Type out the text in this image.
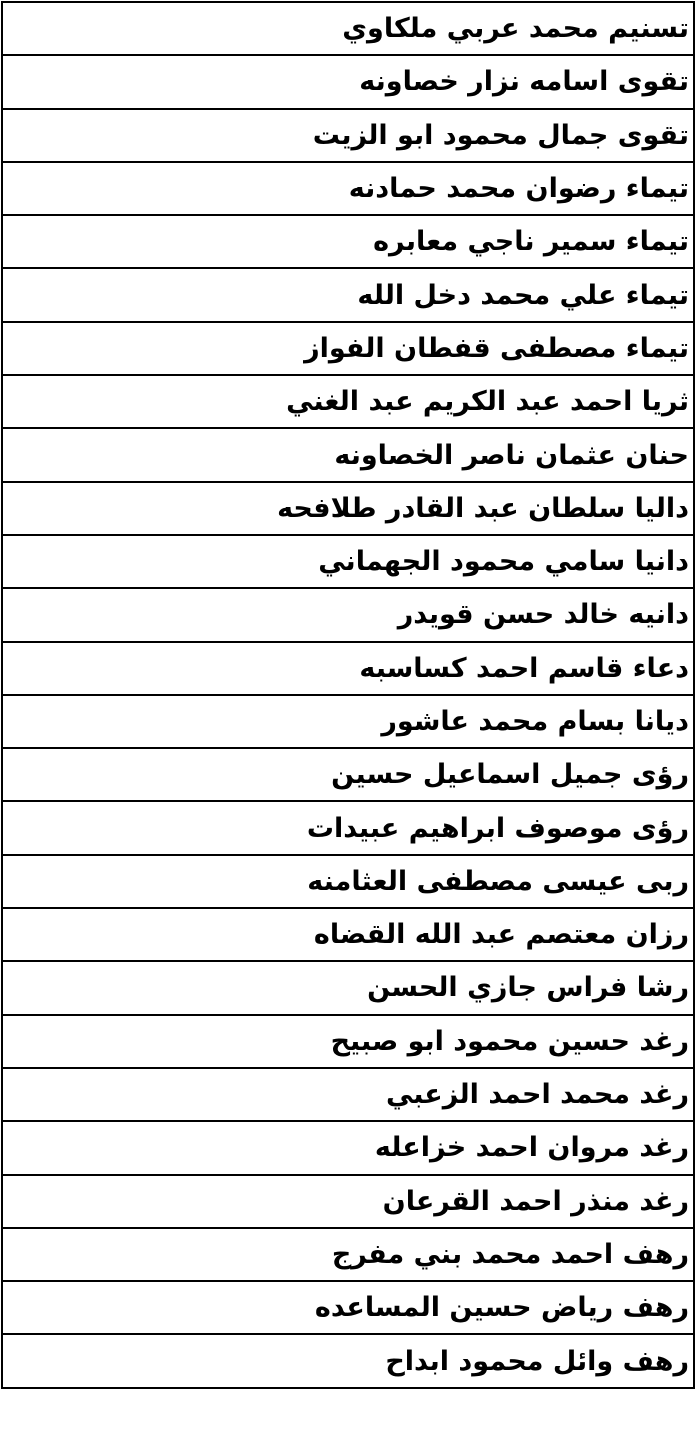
تسنيم محمد عربي ملكاوي
تقوى اسامه نزار خصاونه
تقوى جمال محمود ابو الزيت
تيماء رضوان محمد حمادنه
تيماء سمير ناجي معابره
تيماء علي محمد دخل الله
تيماء مصطفى قفطان الفواز
ثريا احمد عبد الكريم عبد الغني
حنان عثمان ناصر الخصاونه
داليا سلطان عبد القادر طلافحه
دانيا سامي محمود الجهماني
دانيه خالد حسن قويدر
دعاء قاسم احمد كساسبه
ديانا بسام محمد عاشور
رؤى جميل اسماعيل حسين
رؤى موصوف ابراهيم عبيدات
ربى عيسى مصطفى العثامنه
رزان معتصم عبد الله القضاه
رشا فراس جازي الحسن
رغد حسين محمود ابو صبيح
رغد محمد احمد الزعبي
رغد مروان احمد خزاعله
رغد منذر احمد القرعان
رهف احمد محمد بني مفرج
رهف رياض حسين المساعده
رهف وائل محمود ابداح
